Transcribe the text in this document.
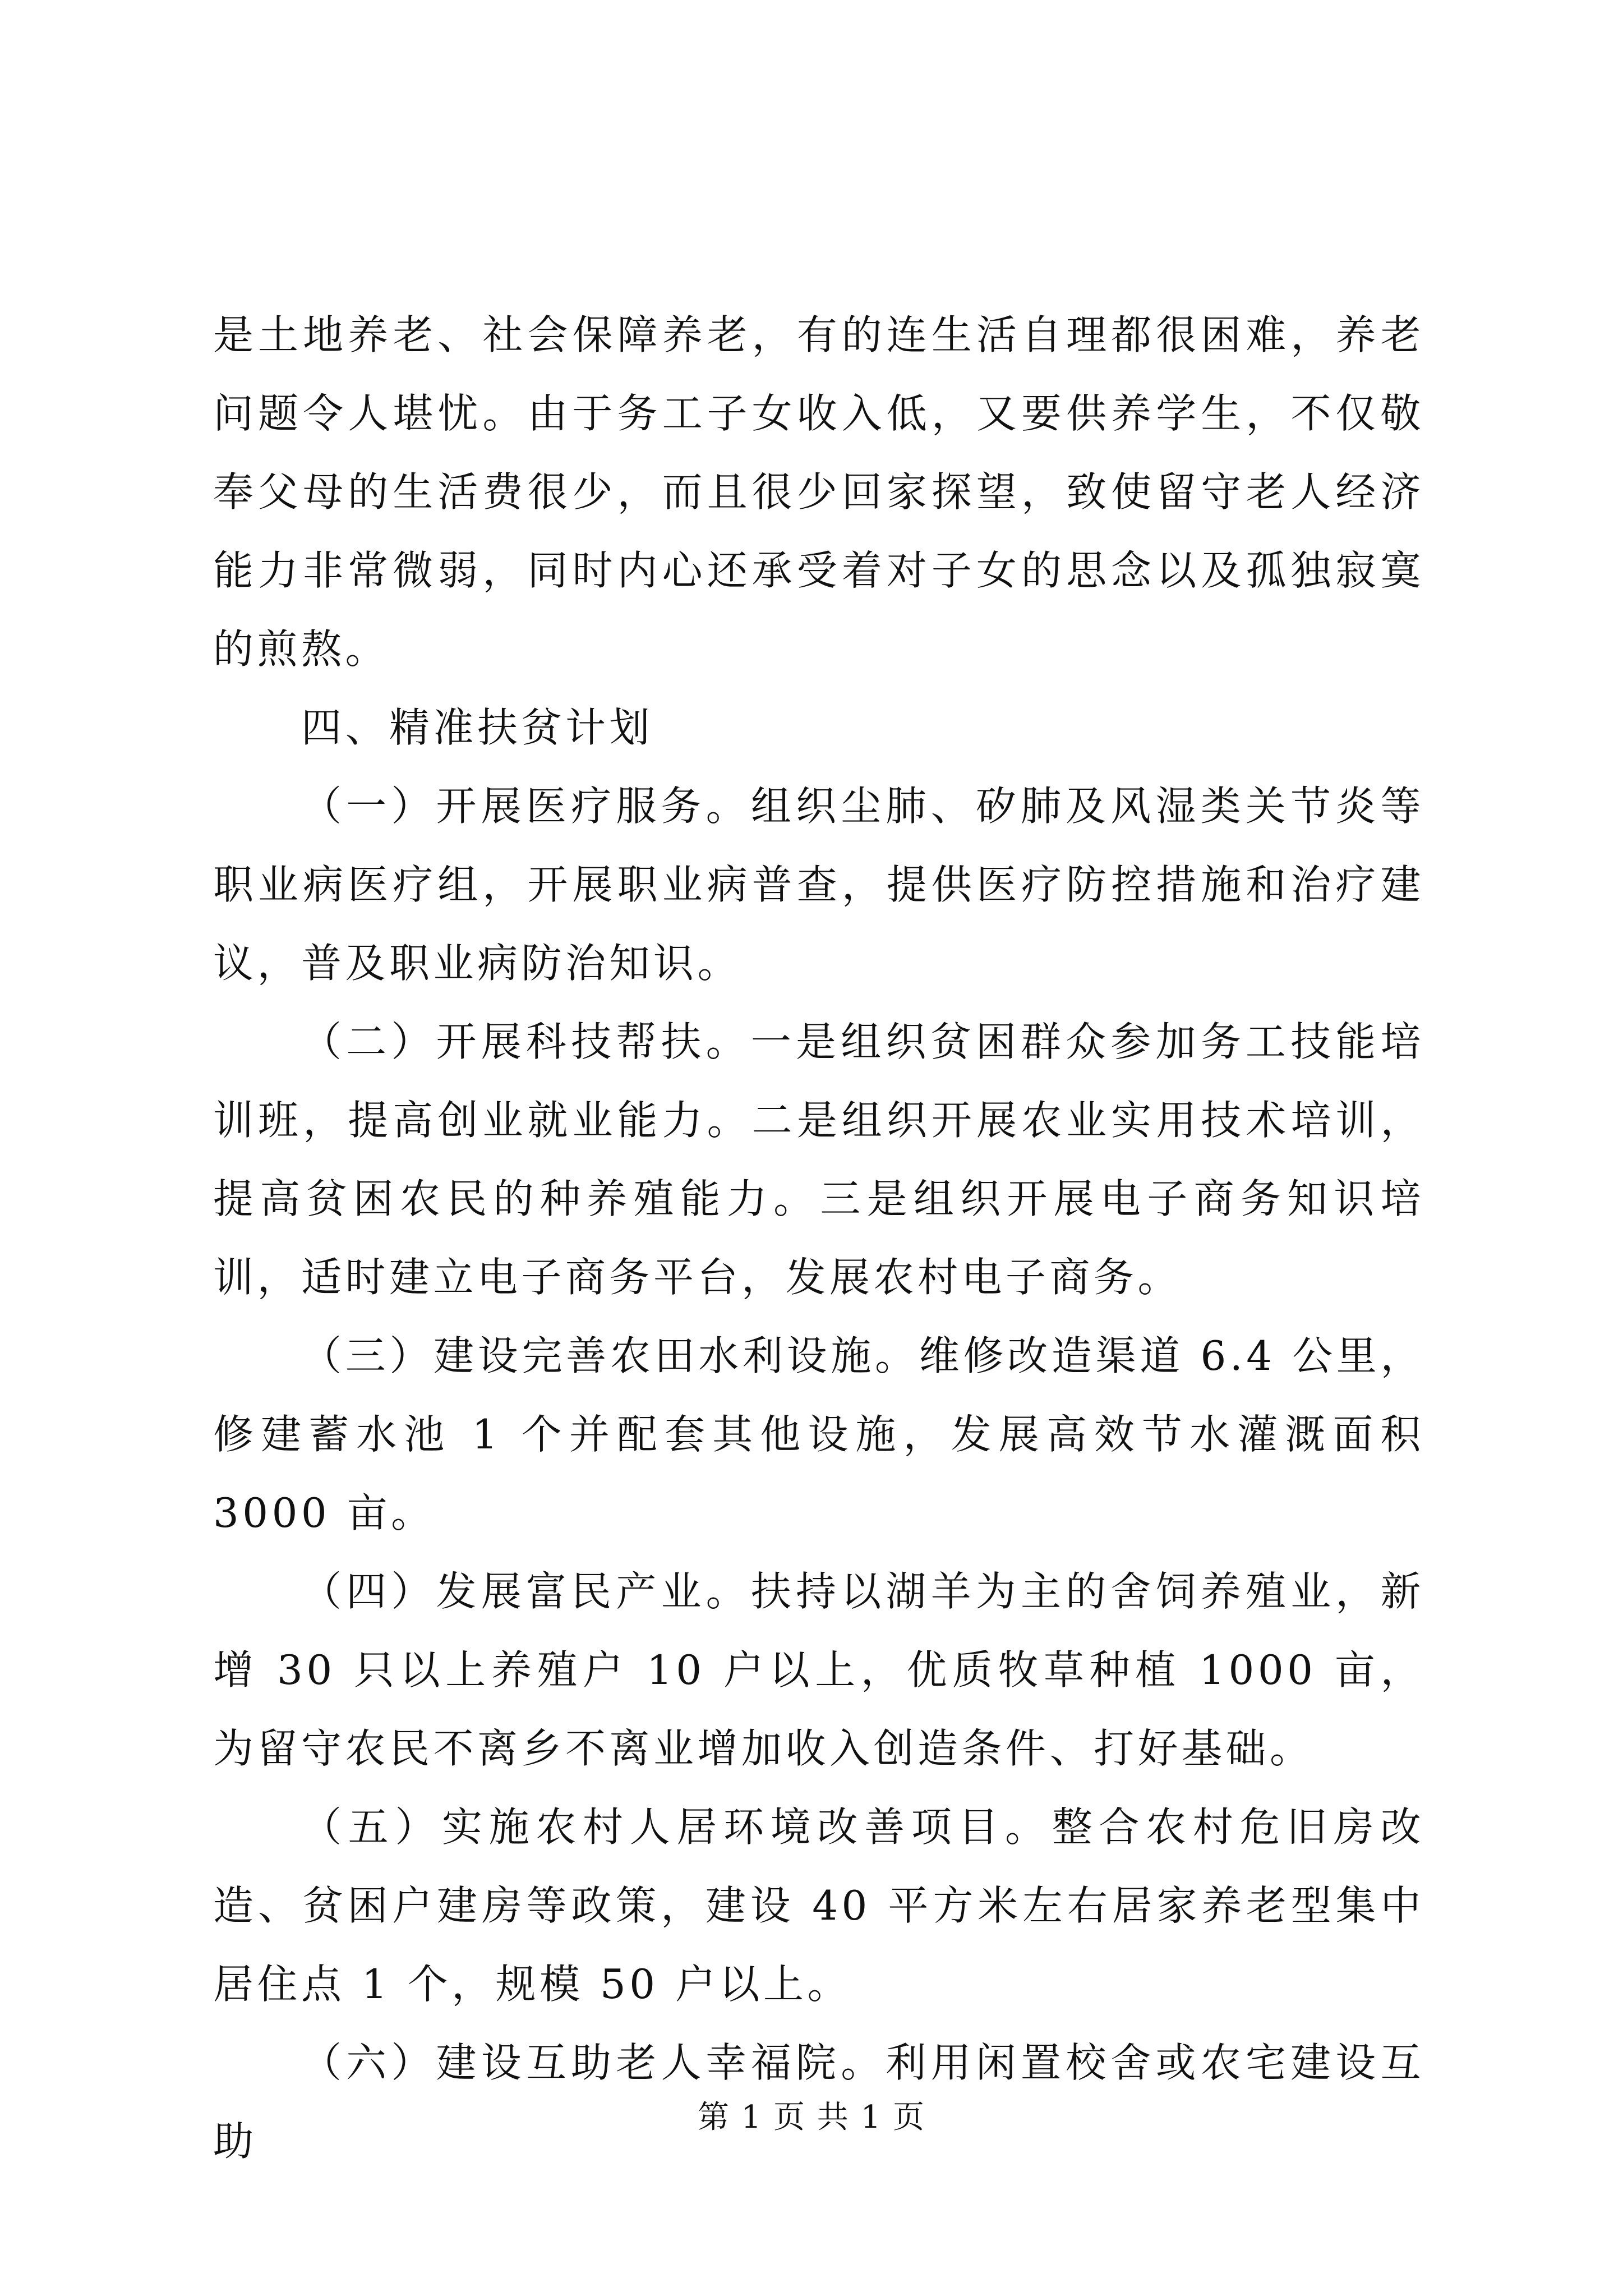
是土地养老、社会保障养老，有的连生活自理都很困难，养老问题令人堪忧。由于务工子女收入低，又要供养学生，不仅敬奉父母的生活费很少，而且很少回家探望，致使留守老人经济能力非常微弱，同时内心还承受着对子女的思念以及孤独寂寞的煎熬。

四、精准扶贫计划

（一）开展医疗服务。组织尘肺、矽肺及风湿类关节炎等职业病医疗组，开展职业病普查，提供医疗防控措施和治疗建议，普及职业病防治知识。

（二）开展科技帮扶。一是组织贫困群众参加务工技能培训班，提高创业就业能力。二是组织开展农业实用技术培训，提高贫困农民的种养殖能力。三是组织开展电子商务知识培训，适时建立电子商务平台，发展农村电子商务。

（三）建设完善农田水利设施。维修改造渠道 6.4 公里，修建蓄水池 1 个并配套其他设施，发展高效节水灌溉面积 3000 亩。

（四）发展富民产业。扶持以湖羊为主的舍饲养殖业，新增 30 只以上养殖户 10 户以上，优质牧草种植 1000 亩，为留守农民不离乡不离业增加收入创造条件、打好基础。

（五）实施农村人居环境改善项目。整合农村危旧房改造、贫困户建房等政策，建设 40 平方米左右居家养老型集中居住点 1 个，规模 50 户以上。

（六）建设互助老人幸福院。利用闲置校舍或农宅建设互助

第 1 页 共 1 页
